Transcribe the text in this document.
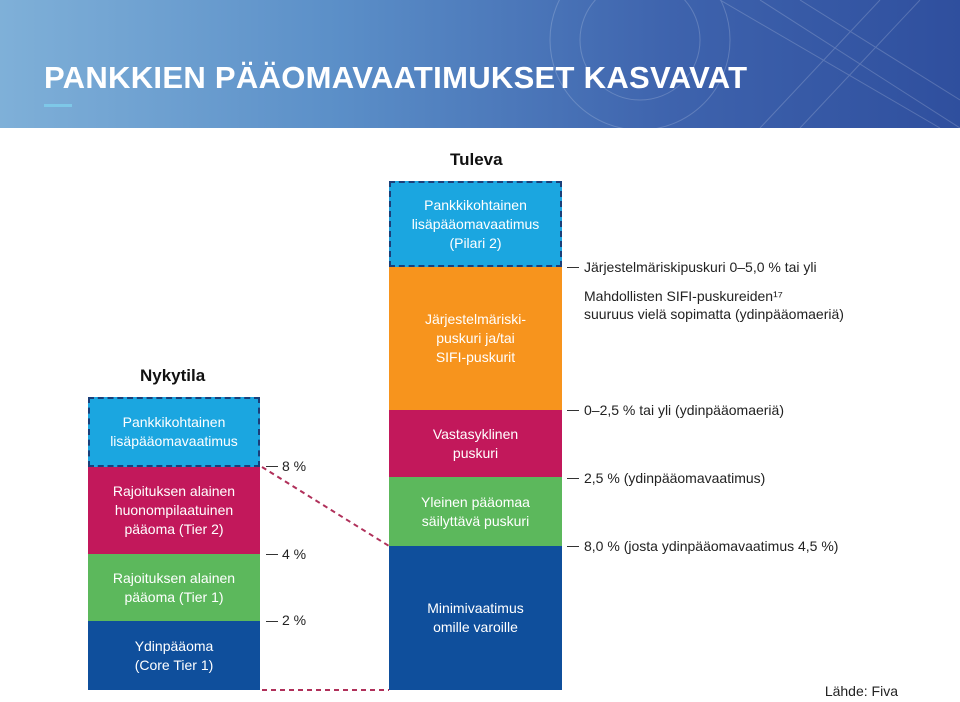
PANKKIEN PÄÄOMAVAATIMUKSET KASVAVAT
Nykytila
Pankkikohtainen
lisäpääomavaatimus
Rajoituksen alainen
huonompilaatuinen
pääoma (Tier 2)
Rajoituksen alainen
pääoma (Tier 1)
Ydinpääoma
(Core Tier 1)
8 %
4 %
2 %
Tuleva
Pankkikohtainen
lisäpääomavaatimus
(Pilari 2)
Järjestelmäriski-
puskuri ja/tai
SIFI-puskurit
Vastasyklinen
puskuri
Yleinen pääomaa
säilyttävä puskuri
Minimivaatimus
omille varoille
Järjestelmäriskipuskuri 0–5,0 % tai yli
Mahdollisten SIFI-puskureiden¹⁷
suuruus vielä sopimatta (ydinpääomaeriä)
0–2,5 % tai yli (ydinpääomaeriä)
2,5 % (ydinpääomavaatimus)
8,0 % (josta ydinpääomavaatimus 4,5 %)
Lähde: Fiva
